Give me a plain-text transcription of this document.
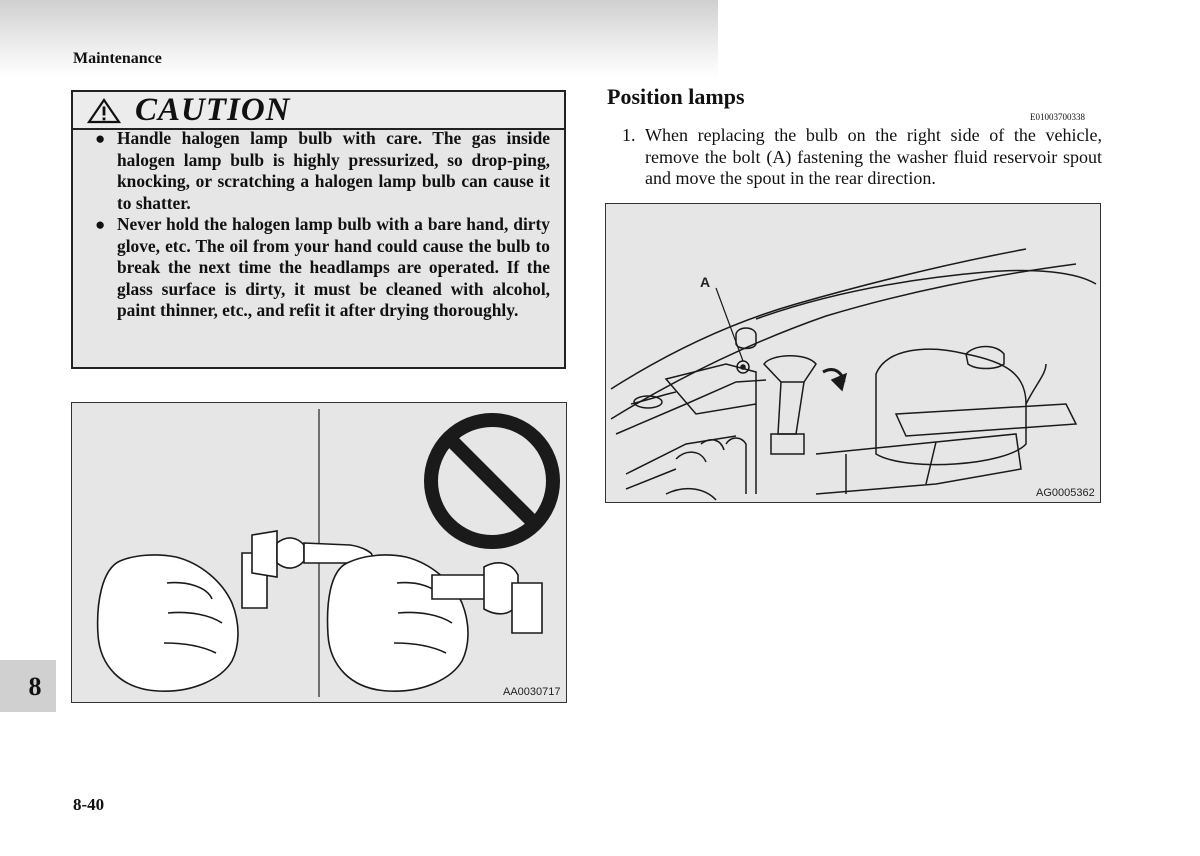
Maintenance
CAUTION
● Handle halogen lamp bulb with care. The gas inside halogen lamp bulb is highly pressurized, so drop-ping, knocking, or scratching a halogen lamp bulb can cause it to shatter.
● Never hold the halogen lamp bulb with a bare hand, dirty glove, etc. The oil from your hand could cause the bulb to break the next time the headlamps are operated. If the glass surface is dirty, it must be cleaned with alcohol, paint thinner, etc., and refit it after drying thoroughly.
AA0030717
Position lamps
E01003700338
1. When replacing the bulb on the right side of the vehicle, remove the bolt (A) fastening the washer fluid reservoir spout and move the spout in the rear direction.
A
AG0005362
8
8-40
